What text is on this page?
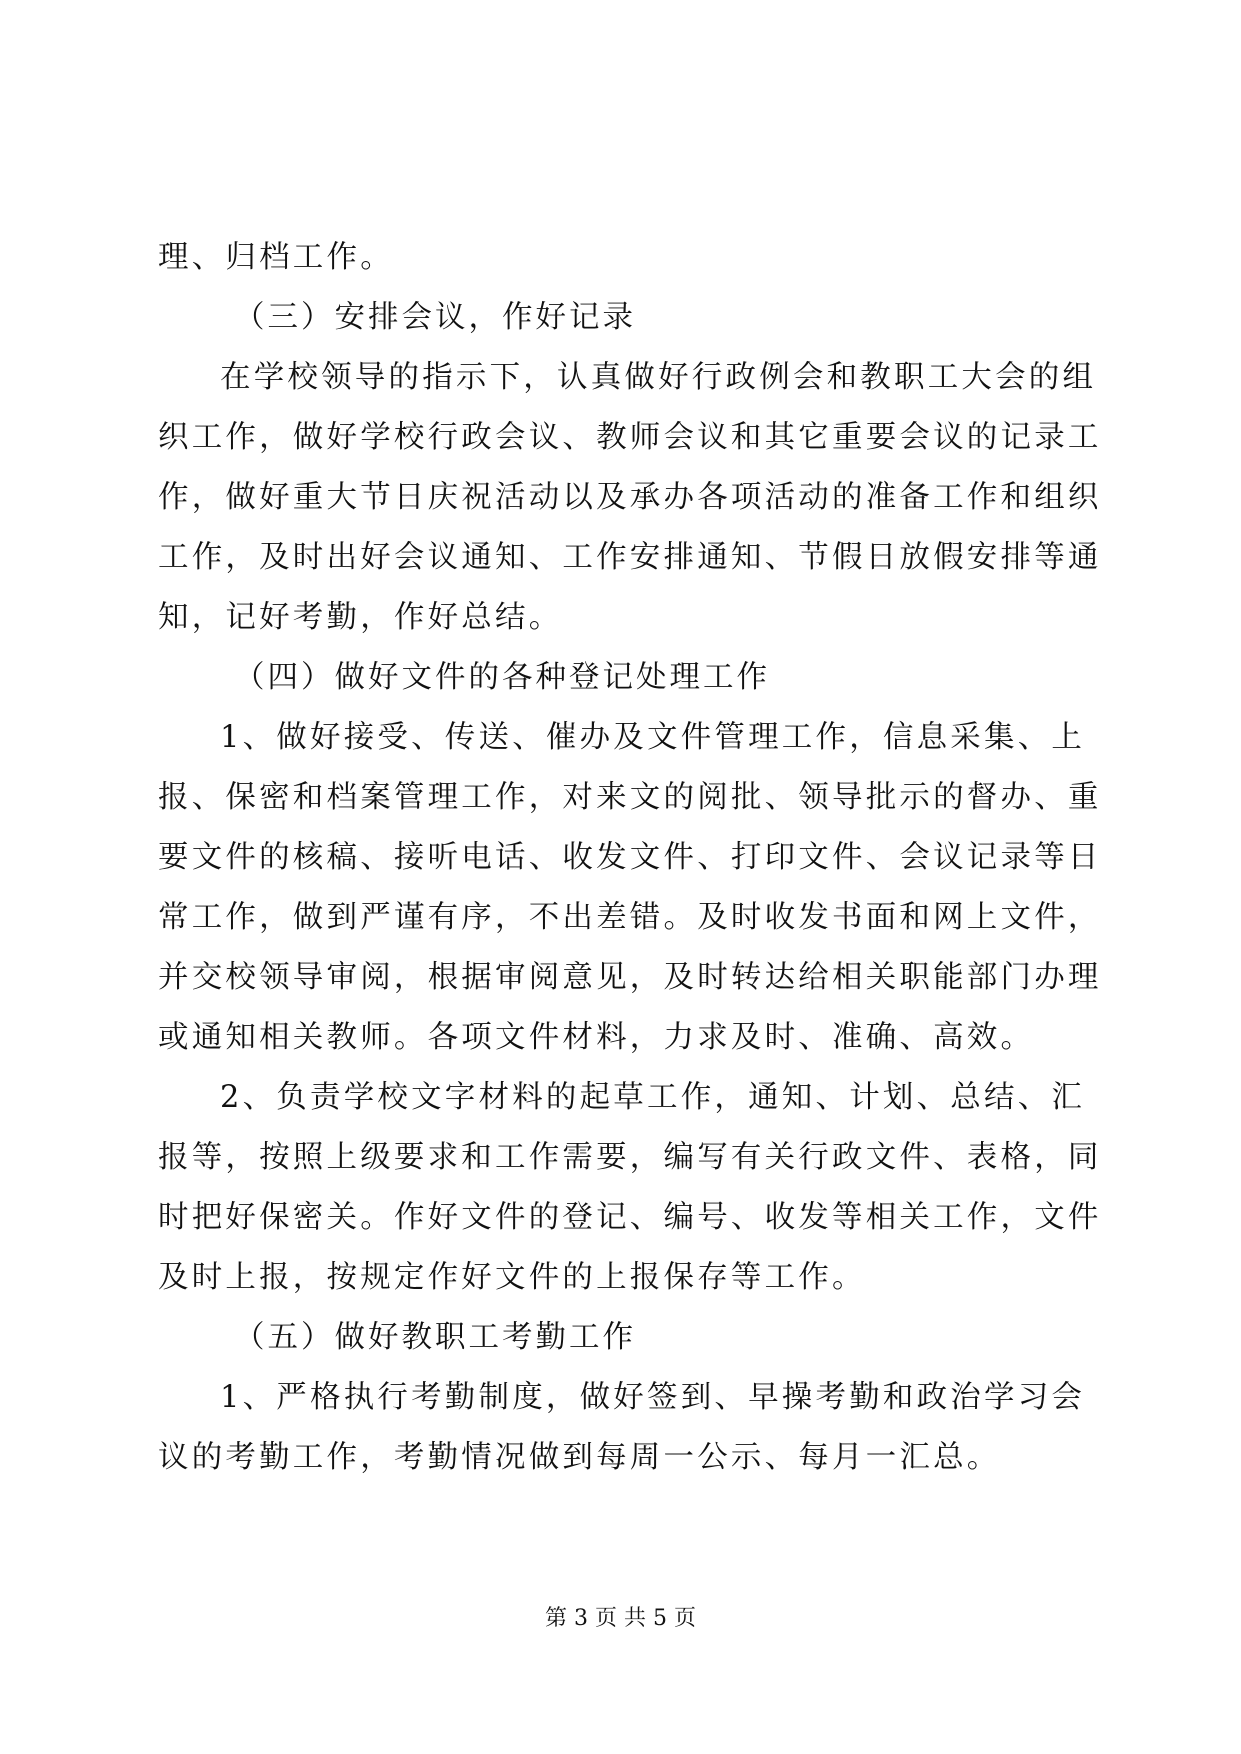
理、归档工作。
（三）安排会议，作好记录
在学校领导的指示下，认真做好行政例会和教职工大会的组
织工作，做好学校行政会议、教师会议和其它重要会议的记录工
作，做好重大节日庆祝活动以及承办各项活动的准备工作和组织
工作，及时出好会议通知、工作安排通知、节假日放假安排等通
知，记好考勤，作好总结。
（四）做好文件的各种登记处理工作
1、做好接受、传送、催办及文件管理工作，信息采集、上
报、保密和档案管理工作，对来文的阅批、领导批示的督办、重
要文件的核稿、接听电话、收发文件、打印文件、会议记录等日
常工作，做到严谨有序，不出差错。及时收发书面和网上文件，
并交校领导审阅，根据审阅意见，及时转达给相关职能部门办理
或通知相关教师。各项文件材料，力求及时、准确、高效。
2、负责学校文字材料的起草工作，通知、计划、总结、汇
报等，按照上级要求和工作需要，编写有关行政文件、表格，同
时把好保密关。作好文件的登记、编号、收发等相关工作，文件
及时上报，按规定作好文件的上报保存等工作。
（五）做好教职工考勤工作
1、严格执行考勤制度，做好签到、早操考勤和政治学习会
议的考勤工作，考勤情况做到每周一公示、每月一汇总。
第 3 页 共 5 页
